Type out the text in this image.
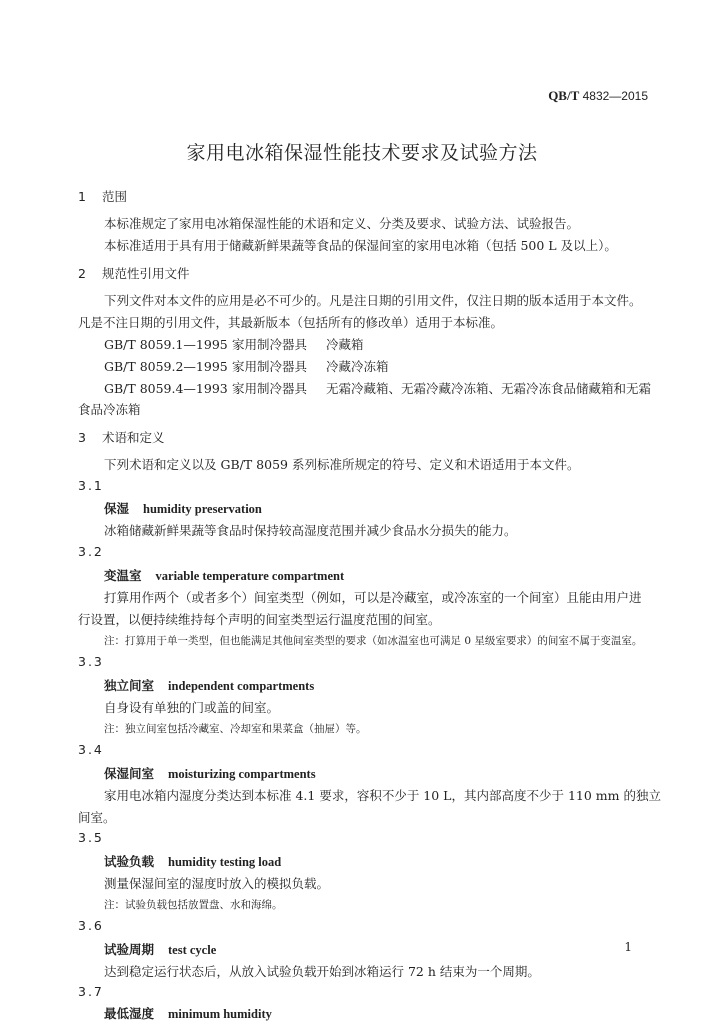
QB/T 4832—2015
家用电冰箱保湿性能技术要求及试验方法
1 范围
本标准规定了家用电冰箱保湿性能的术语和定义、分类及要求、试验方法、试验报告。
本标准适用于具有用于储藏新鲜果蔬等食品的保湿间室的家用电冰箱（包括 500 L 及以上）。
2 规范性引用文件
下列文件对本文件的应用是必不可少的。凡是注日期的引用文件，仅注日期的版本适用于本文件。
凡是不注日期的引用文件，其最新版本（包括所有的修改单）适用于本标准。
GB/T 8059.1—1995 家用制冷器具 冷藏箱
GB/T 8059.2—1995 家用制冷器具 冷藏冷冻箱
GB/T 8059.4—1993 家用制冷器具 无霜冷藏箱、无霜冷藏冷冻箱、无霜冷冻食品储藏箱和无霜
食品冷冻箱
3 术语和定义
下列术语和定义以及 GB/T 8059 系列标准所规定的符号、定义和术语适用于本文件。
3.1
保湿 humidity preservation
冰箱储藏新鲜果蔬等食品时保持较高湿度范围并减少食品水分损失的能力。
3.2
变温室 variable temperature compartment
打算用作两个（或者多个）间室类型（例如，可以是冷藏室，或冷冻室的一个间室）且能由用户进
行设置，以便持续维持每个声明的间室类型运行温度范围的间室。
注：打算用于单一类型，但也能满足其他间室类型的要求（如冰温室也可满足 0 星级室要求）的间室不属于变温室。
3.3
独立间室 independent compartments
自身设有单独的门或盖的间室。
注：独立间室包括冷藏室、冷却室和果菜盒（抽屉）等。
3.4
保湿间室 moisturizing compartments
家用电冰箱内湿度分类达到本标准 4.1 要求，容积不少于 10 L，其内部高度不少于 110 mm 的独立
间室。
3.5
试验负载 humidity testing load
测量保湿间室的湿度时放入的模拟负载。
注：试验负载包括放置盘、水和海绵。
3.6
试验周期 test cycle
达到稳定运行状态后，从放入试验负载开始到冰箱运行 72 h 结束为一个周期。
3.7
最低湿度 minimum humidity
1
